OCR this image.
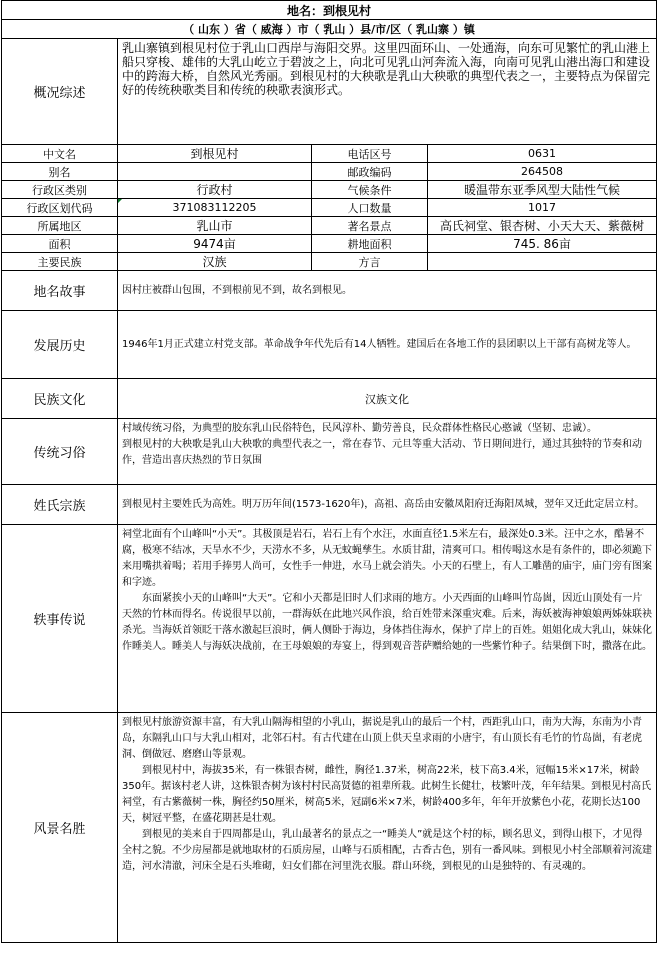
地名：到根见村			
（ 山东 ）省（ 威海 ）市（ 乳山 ）县/市/区（ 乳山寨 ）镇			
概况综述	乳山寨镇到根见村位于乳山口西岸与海阳交界。这里四面环山、一处通海，向东可见繁忙的乳山港上船只穿梭、雄伟的大乳山屹立于碧波之上，向北可见乳山河奔流入海，向南可见乳山港出海口和建设中的跨海大桥，自然风光秀丽。到根见村的大秧歌是乳山大秧歌的典型代表之一，主要特点为保留完好的传统秧歌类目和传统的秧歌表演形式。		
中文名	到根见村	电话区号	0631
别名		邮政编码	264508
行政区类别	行政村	气候条件	暖温带东亚季风型大陆性气候
行政区划代码	371083112205	人口数量	1017
所属地区	乳山市	著名景点	高氏祠堂、银杏树、小天大天、紫薇树
面积	9474亩	耕地面积	745. 86亩
主要民族	汉族	方言	
地名故事	因村庄被群山包围，不到根前见不到，故名到根见。		
发展历史	1946年1月正式建立村党支部。革命战争年代先后有14人牺牲。建国后在各地工作的县团职以上干部有高树龙等人。		
民族文化	汉族文化		
传统习俗	村域传统习俗，为典型的胶东乳山民俗特色，民风淳朴、勤劳善良，民众群体性格民心憨诚（坚韧、忠诚）。

到根见村的大秧歌是乳山大秧歌的典型代表之一，常在春节、元旦等重大活动、节日期间进行，通过其独特的节奏和动作，营造出喜庆热烈的节日氛围		

姓氏宗族	到根见村主要姓氏为高姓。明万历年间(1573-1620年)，高祖、高岳由安徽凤阳府迁海阳凤城，翌年又迁此定居立村。		
轶事传说	祠堂北面有个山峰叫“小天”。其极顶是岩石，岩石上有个水汪，水面直径1.5米左右，最深处0.3米。汪中之水，酷暑不腐，极寒不结冰，天旱水不少，天涝水不多，从无蚊蝇孳生。水质甘甜，清爽可口。相传喝这水是有条件的，即必须跪下来用嘴拱着喝；若用手捧男人尚可，女性手一伸进，水马上就会消失。小天的石壁上，有人工雕凿的庙宇，庙门旁有图案和字迹。

东面紧挨小天的山峰叫“大天”。它和小天都是旧时人们求雨的地方。小天西面的山峰叫竹岛崮，因近山顶处有一片天然的竹林而得名。传说很早以前，一群海妖在此地兴风作浪，给百姓带来深重灾难。后来，海妖被海神娘娘两姊妹联袂杀光。当海妖首领眨干落水激起巨浪时，俩人侧卧于海边，身体挡住海水，保护了岸上的百姓。姐姐化成大乳山，妹妹化作睡美人。睡美人与海妖决战前，在王母娘娘的寿宴上，得到观音菩萨赠给她的一些紫竹种子。结果倒下时，撒落在此。		

风景名胜	到根见村旅游资源丰富，有大乳山隔海相望的小乳山，据说是乳山的最后一个村，西距乳山口，南为大海，东南为小青岛，东隔乳山口与大乳山相对，北邻石村。有古代建在山顶上供天皇求雨的小唐宇，有山顶长有毛竹的竹岛崮，有老虎洞、倒做冠、磨磨山等景观。

到根见村中，海拔35米，有一株银杏树，雌性，胸径1.37米，树高22米，枝下高3.4米，冠幅15米×17米，树龄350年。据该村老人讲，这株银杏树为该村村民高贤德的祖辈所栽。此树生长健壮，枝繁叶茂，年年结果。到根见村高氏祠堂，有古紫薇树一株，胸径约50厘米，树高5米，冠副6米×7米，树龄400多年，年年开放紫色小花，花期长达100天，树冠平整，在盛花期甚是壮观。

到根见的美来自于四周都是山，乳山最著名的景点之一“睡美人”就是这个村的标，顾名思义，到得山根下，才见得全村之貌。不少房屋都是就地取材的石质房屋，山峰与石质相配，古香古色，别有一番风味。到根见小村全部顺着河流建造，河水清澈，河床全是石头堆砌，妇女们都在河里洗衣服。群山环绕，到根见的山是独特的、有灵魂的。		
